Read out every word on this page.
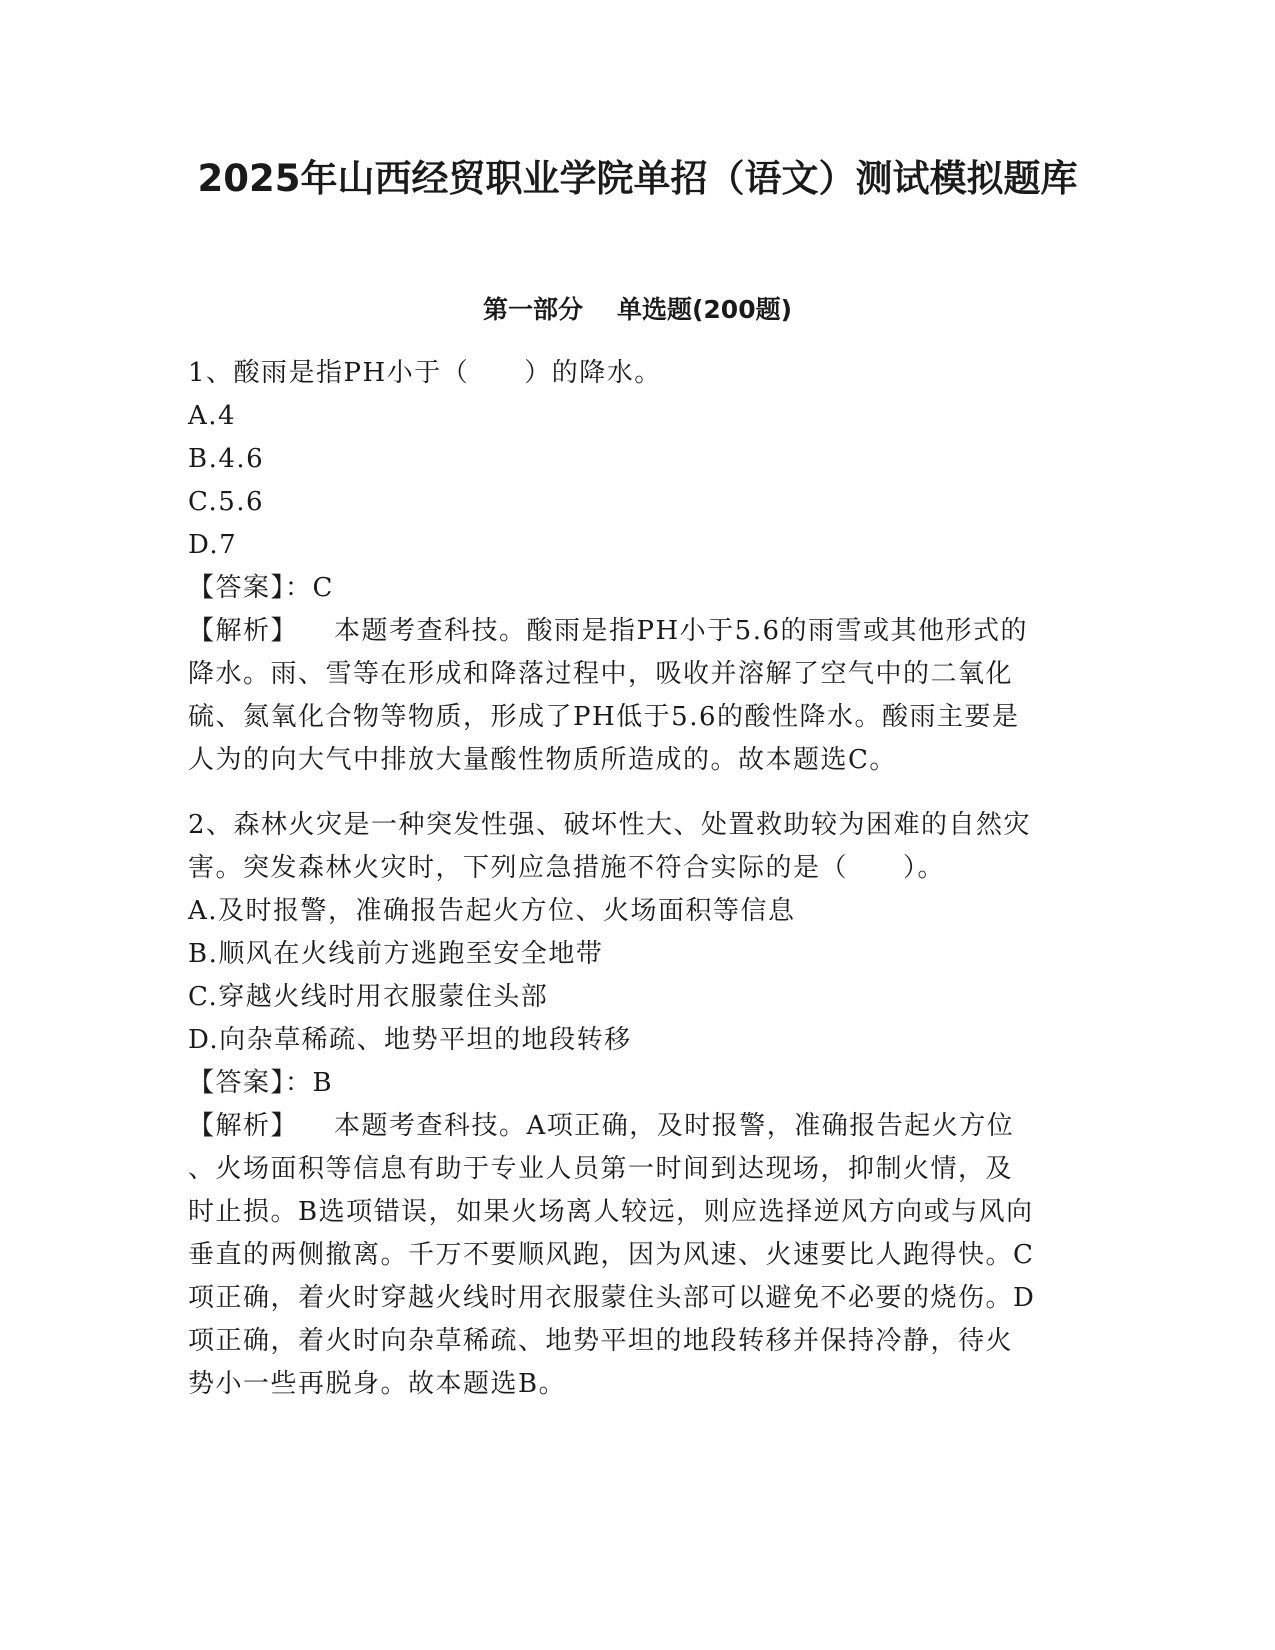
2025年山西经贸职业学院单招（语文）测试模拟题库
第一部分 单选题(200题)
1、酸雨是指PH小于（　　）的降水。
A.4
B.4.6
C.5.6
D.7
【答案】：C
【解析】 本题考查科技。酸雨是指PH小于5.6的雨雪或其他形式的
降水。雨、雪等在形成和降落过程中，吸收并溶解了空气中的二氧化
硫、氮氧化合物等物质，形成了PH低于5.6的酸性降水。酸雨主要是
人为的向大气中排放大量酸性物质所造成的。故本题选C。
2、森林火灾是一种突发性强、破坏性大、处置救助较为困难的自然灾
害。突发森林火灾时，下列应急措施不符合实际的是（　　）。
A.及时报警，准确报告起火方位、火场面积等信息
B.顺风在火线前方逃跑至安全地带
C.穿越火线时用衣服蒙住头部
D.向杂草稀疏、地势平坦的地段转移
【答案】：B
【解析】 本题考查科技。A项正确，及时报警，准确报告起火方位
、火场面积等信息有助于专业人员第一时间到达现场，抑制火情，及
时止损。B选项错误，如果火场离人较远，则应选择逆风方向或与风向
垂直的两侧撤离。千万不要顺风跑，因为风速、火速要比人跑得快。C
项正确，着火时穿越火线时用衣服蒙住头部可以避免不必要的烧伤。D
项正确，着火时向杂草稀疏、地势平坦的地段转移并保持冷静，待火
势小一些再脱身。故本题选B。
